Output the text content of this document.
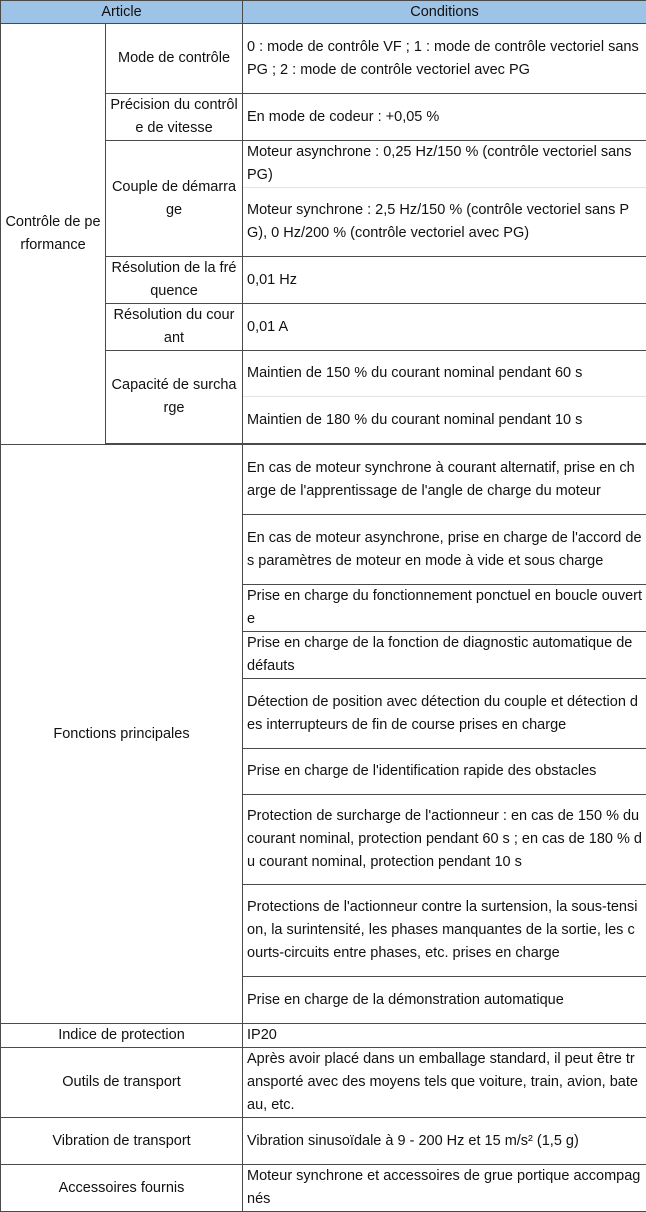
Article		Conditions
Contrôle de performance	Mode de contrôle	0 : mode de contrôle VF ; 1 : mode de contrôle vectoriel sans PG ; 2 : mode de contrôle vectoriel avec PG
	Précision du contrôle de vitesse	En mode de codeur : +0,05 %
	Couple de démarrage	Moteur asynchrone : 0,25 Hz/150 % (contrôle vectoriel sans PG)
		Moteur synchrone : 2,5 Hz/150 % (contrôle vectoriel sans PG), 0 Hz/200 % (contrôle vectoriel avec PG)
	Résolution de la fréquence	0,01 Hz
	Résolution du courant	0,01 A
	Capacité de surcharge	Maintien de 150 % du courant nominal pendant 60 s
		Maintien de 180 % du courant nominal pendant 10 s

Fonctions principales		En cas de moteur synchrone à courant alternatif, prise en charge de l'apprentissage de l'angle de charge du moteur
		En cas de moteur asynchrone, prise en charge de l'accord des paramètres de moteur en mode à vide et sous charge
		Prise en charge du fonctionnement ponctuel en boucle ouverte
		Prise en charge de la fonction de diagnostic automatique de défauts
		Détection de position avec détection du couple et détection des interrupteurs de fin de course prises en charge
		Prise en charge de l'identification rapide des obstacles
		Protection de surcharge de l'actionneur : en cas de 150 % du courant nominal, protection pendant 60 s ; en cas de 180 % du courant nominal, protection pendant 10 s
		Protections de l'actionneur contre la surtension, la sous-tension, la surintensité, les phases manquantes de la sortie, les courts-circuits entre phases, etc. prises en charge
		Prise en charge de la démonstration automatique
Indice de protection		IP20
Outils de transport		Après avoir placé dans un emballage standard, il peut être transporté avec des moyens tels que voiture, train, avion, bateau, etc.
Vibration de transport		Vibration sinusoïdale à 9 - 200 Hz et 15 m/s² (1,5 g)
Accessoires fournis		Moteur synchrone et accessoires de grue portique accompagnés
